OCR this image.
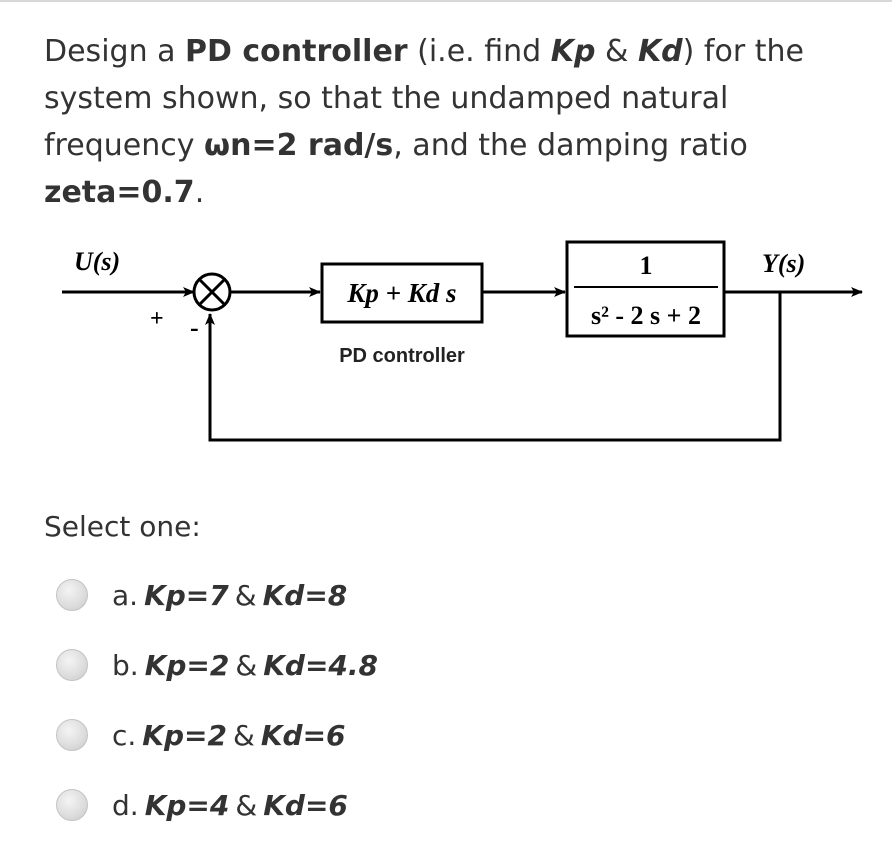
Design a PD controller (i.e. find Kp & Kd) for the system shown, so that the undamped natural frequency ωn=2 rad/s, and the damping ratio zeta=0.7.
U(s)
+ -
Kp + Kd s
PD controller
1
s² - 2 s + 2
Y(s)
Select one:
a. Kp=7 & Kd=8
b. Kp=2 & Kd=4.8
c. Kp=2 & Kd=6
d. Kp=4 & Kd=6
